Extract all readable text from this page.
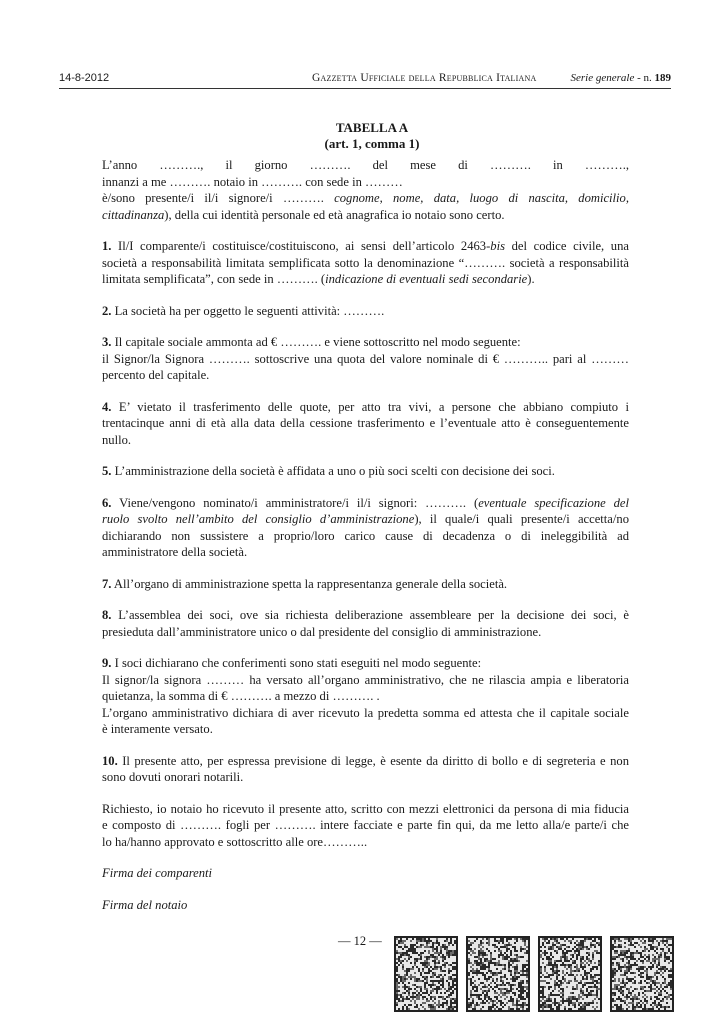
14-8-2012	Gazzetta Ufficiale della Repubblica Italiana	Serie generale - n. 189
TABELLA A
(art. 1, comma 1)

L’anno ………., il giorno ………. del mese di ………. in ……….,
innanzi a me ………. notaio in ………. con sede in ………
è/sono presente/i il/i signore/i ………. cognome, nome, data, luogo di nascita, domicilio,
cittadinanza), della cui identità personale ed età anagrafica io notaio sono certo.

1. Il/I comparente/i costituisce/costituiscono, ai sensi dell’articolo 2463-bis del codice civile, una
società a responsabilità limitata semplificata sotto la denominazione “………. società a responsabilità
limitata semplificata”, con sede in ………. (indicazione di eventuali sedi secondarie).

2. La società ha per oggetto le seguenti attività: ……….

3. Il capitale sociale ammonta ad € ………. e viene sottoscritto nel modo seguente:
il Signor/la Signora ………. sottoscrive una quota del valore nominale di € ……….. pari al ………
percento del capitale.

4. E’ vietato il trasferimento delle quote, per atto tra vivi, a persone che abbiano compiuto i
trentacinque anni di età alla data della cessione trasferimento e l’eventuale atto è conseguentemente
nullo.

5. L’amministrazione della società è affidata a uno o più soci scelti con decisione dei soci.

6. Viene/vengono nominato/i amministratore/i il/i signori: ………. (eventuale specificazione del
ruolo svolto nell’ambito del consiglio d’amministrazione), il quale/i quali presente/i accetta/no
dichiarando non sussistere a proprio/loro carico cause di decadenza o di ineleggibilità ad
amministratore della società.

7. All’organo di amministrazione spetta la rappresentanza generale della società.

8. L’assemblea dei soci, ove sia richiesta deliberazione assembleare per la decisione dei soci, è
presieduta dall’amministratore unico o dal presidente del consiglio di amministrazione.

9. I soci dichiarano che conferimenti sono stati eseguiti nel modo seguente:
Il signor/la signora ……… ha versato all’organo amministrativo, che ne rilascia ampia e liberatoria
quietanza, la somma di € ………. a mezzo di ………. .
L’organo amministrativo dichiara di aver ricevuto la predetta somma ed attesta che il capitale sociale
è interamente versato.

10. Il presente atto, per espressa previsione di legge, è esente da diritto di bollo e di segreteria e non
sono dovuti onorari notarili.

Richiesto, io notaio ho ricevuto il presente atto, scritto con mezzi elettronici da persona di mia fiducia
e composto di ………. fogli per ………. intere facciate e parte fin qui, da me letto alla/e parte/i che
lo ha/hanno approvato e sottoscritto alle ore………..

Firma dei comparenti

Firma del notaio

— 12 —
